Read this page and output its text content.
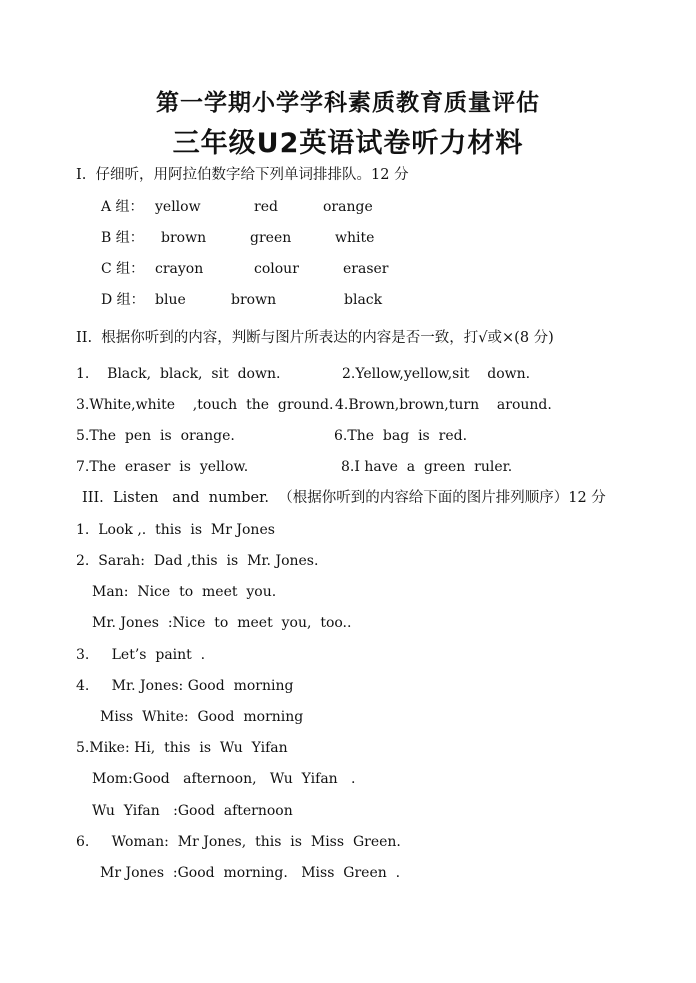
第一学期小学学科素质教育质量评估
三年级U2英语试卷听力材料
I.  仔细听，用阿拉伯数字给下列单词排排队。12 分
A 组： yellow	red	orange
B 组： brown	green	white
C 组： crayon	colour	eraser
D 组： blue	brown	black
II.  根据你听到的内容，判断与图片所表达的内容是否一致，打√或×(8 分)
1.    Black,  black,  sit  down.	2.Yellow,yellow,sit    down.
3.White,white    ,touch  the  ground. 4.Brown,brown,turn    around.
5.The  pen  is  orange.	6.The  bag  is  red.
7.The  eraser  is  yellow.	8.I have  a  green  ruler.
III.  Listen   and  number.  （根据你听到的内容给下面的图片排列顺序）12 分
1.  Look ,.  this  is  Mr Jones
2.  Sarah:  Dad ,this  is  Mr. Jones.
Man:  Nice  to  meet  you.
Mr. Jones  :Nice  to  meet  you,  too..
3.     Let’s  paint  .
4.     Mr. Jones: Good  morning
Miss  White:  Good  morning
5.Mike: Hi,  this  is  Wu  Yifan
Mom:Good   afternoon,   Wu  Yifan   .
Wu  Yifan   :Good  afternoon
6.     Woman:  Mr Jones,  this  is  Miss  Green.
Mr Jones  :Good  morning.   Miss  Green  .
